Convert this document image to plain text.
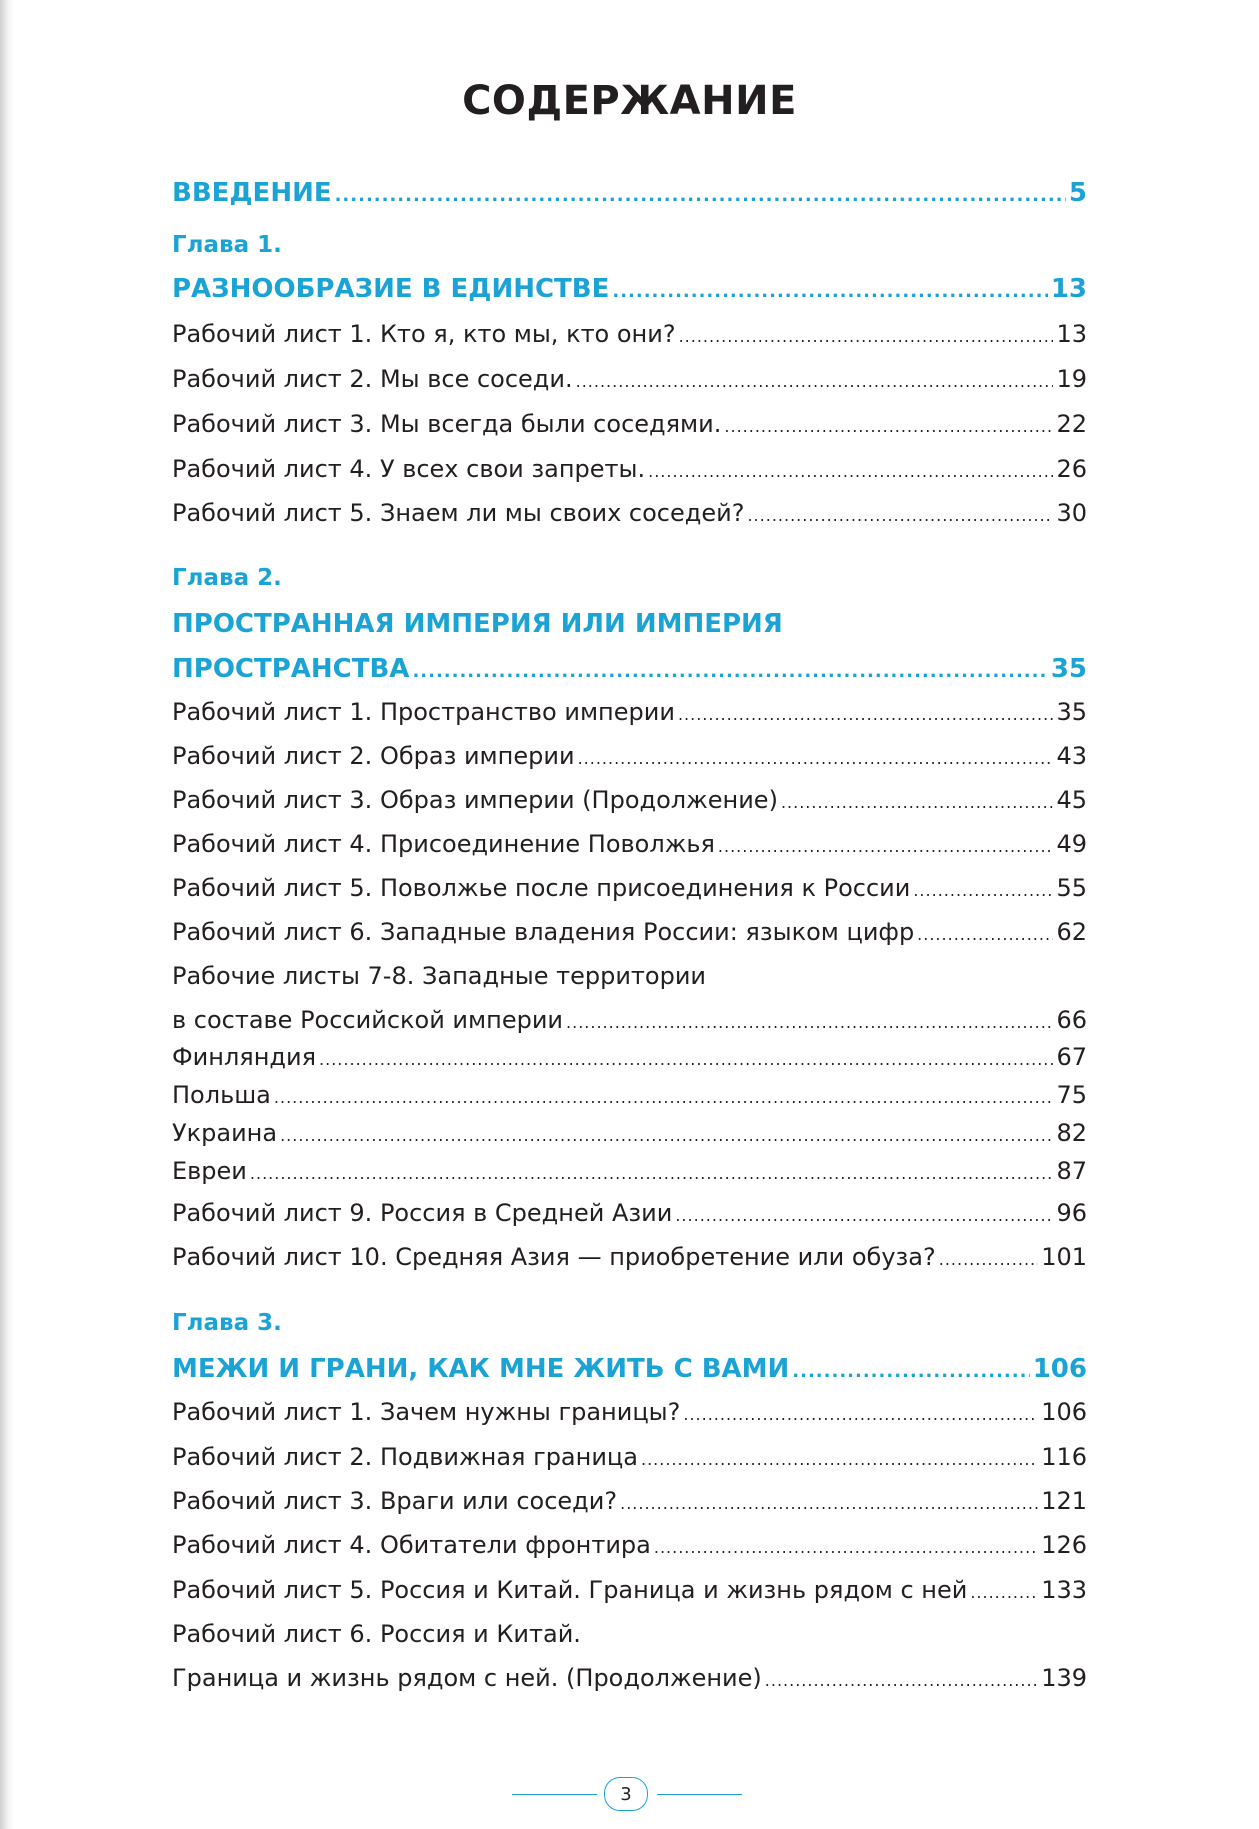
СОДЕРЖАНИЕ
ВВЕДЕНИЕ .....	5
Глава 1.
РАЗНООБРАЗИЕ В ЕДИНСТВЕ .....	13
Рабочий лист 1. Кто я, кто мы, кто они? .....	13
Рабочий лист 2. Мы все соседи. .....	19
Рабочий лист 3. Мы всегда были соседями. .....	22
Рабочий лист 4. У всех свои запреты. .....	26
Рабочий лист 5. Знаем ли мы своих соседей? .....	30
Глава 2.
ПРОСТРАННАЯ ИМПЕРИЯ ИЛИ ИМПЕРИЯ
ПРОСТРАНСТВА .....	35
Рабочий лист 1. Пространство империи .....	35
Рабочий лист 2. Образ империи .....	43
Рабочий лист 3. Образ империи (Продолжение) .....	45
Рабочий лист 4. Присоединение Поволжья .....	49
Рабочий лист 5. Поволжье после присоединения к России .....	55
Рабочий лист 6. Западные владения России: языком цифр .....	62
Рабочие листы 7-8. Западные территории
в составе Российской империи .....	66
Финляндия .....	67
Польша .....	75
Украина .....	82
Евреи .....	87
Рабочий лист 9. Россия в Средней Азии .....	96
Рабочий лист 10. Средняя Азия — приобретение или обуза? .....	101
Глава 3.
МЕЖИ И ГРАНИ, КАК МНЕ ЖИТЬ С ВАМИ .....	106
Рабочий лист 1. Зачем нужны границы? .....	106
Рабочий лист 2. Подвижная граница .....	116
Рабочий лист 3. Враги или соседи? .....	121
Рабочий лист 4. Обитатели фронтира .....	126
Рабочий лист 5. Россия и Китай. Граница и жизнь рядом с ней .....	133
Рабочий лист 6. Россия и Китай.
Граница и жизнь рядом с ней. (Продолжение) .....	139
3
